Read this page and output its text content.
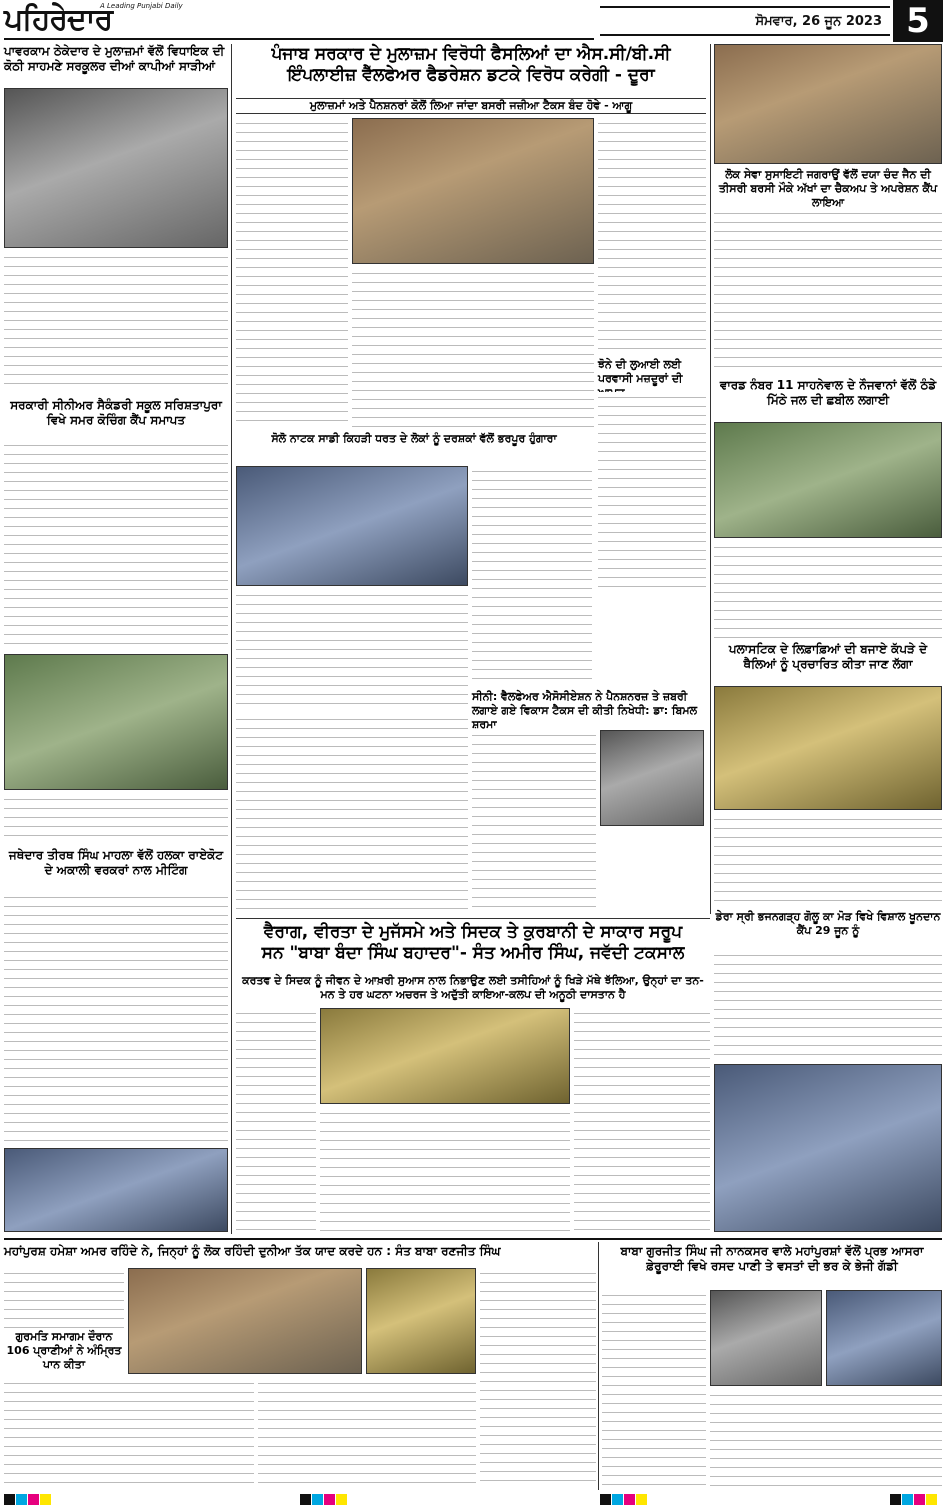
ਪਹਿਰੇਦਾਰ
A Leading Punjabi Daily
ਸੋਮਵਾਰ, 26 ਜੂਨ 2023 5
ਪਾਵਰਕਾਮ ਠੇਕੇਦਾਰ ਦੇ ਮੁਲਾਜ਼ਮਾਂ ਵੱਲੋਂ ਵਿਧਾਇਕ ਦੀ ਕੋਠੀ ਸਾਹਮਣੇ ਸਰਕੂਲਰ ਦੀਆਂ ਕਾਪੀਆਂ ਸਾੜੀਆਂ
ਸਰਕਾਰੀ ਸੀਨੀਅਰ ਸੈਕੰਡਰੀ ਸਕੂਲ ਸਰਿਸ਼ਤਾਪੁਰਾ ਵਿਖੇ ਸਮਰ ਕੋਚਿੰਗ ਕੈਂਪ ਸਮਾਪਤ
ਜਥੇਦਾਰ ਤੀਰਥ ਸਿੰਘ ਮਾਹਲਾ ਵੱਲੋਂ ਹਲਕਾ ਰਾਏਕੋਟ ਦੇ ਅਕਾਲੀ ਵਰਕਰਾਂ ਨਾਲ ਮੀਟਿੰਗ
ਪੰਜਾਬ ਸਰਕਾਰ ਦੇ ਮੁਲਾਜ਼ਮ ਵਿਰੋਧੀ ਫੈਸਲਿਆਂ ਦਾ ਐਸ.ਸੀ/ਬੀ.ਸੀ
ਇੰਪਲਾਈਜ਼ ਵੈੱਲਫੇਅਰ ਫੈਡਰੇਸ਼ਨ ਡਟਕੇ ਵਿਰੋਧ ਕਰੇਗੀ - ਦੂਰਾ
ਮੁਲਾਜ਼ਮਾਂ ਅਤੇ ਪੈਨਸ਼ਨਰਾਂ ਕੋਲੋਂ ਲਿਆ ਜਾਂਦਾ ਬਸਰੀ ਜਜ਼ੀਆ ਟੈਕਸ ਬੰਦ ਹੋਵੇ - ਆਗੂ
ਸੋਲੋ ਨਾਟਕ ਸਾਡੀ ਕਿਹੜੀ ਧਰਤ ਦੇ ਲੋਕਾਂ ਨੂੰ ਦਰਸ਼ਕਾਂ ਵੱਲੋਂ ਭਰਪੂਰ ਹੁੰਗਾਰਾ
ਝੋਨੇ ਦੀ ਲੁਆਈ ਲਈ ਪਰਵਾਸੀ ਮਜ਼ਦੂਰਾਂ ਦੀ
ਸੀਨੀ: ਵੈਲਫੇਅਰ ਐਸੋਸੀਏਸ਼ਨ ਨੇ ਪੈਨਸ਼ਨਰਜ਼ ਤੇ ਜ਼ਬਰੀ ਲਗਾਏ ਗਏ ਵਿਕਾਸ ਟੈਕਸ ਦੀ ਕੀਤੀ ਨਿਖੇਧੀ: ਡਾ: ਬਿਮਲ ਸ਼ਰਮਾ
ਵੈਰਾਗ, ਵੀਰਤਾ ਦੇ ਮੁਜੱਸਮੇ ਅਤੇ ਸਿਦਕ ਤੇ ਕੁਰਬਾਨੀ ਦੇ ਸਾਕਾਰ ਸਰੂਪ
ਸਨ "ਬਾਬਾ ਬੰਦਾ ਸਿੰਘ ਬਹਾਦਰ"- ਸੰਤ ਅਮੀਰ ਸਿੰਘ, ਜਵੱਦੀ ਟਕਸਾਲ
ਕਰਤਵ ਦੇ ਸਿਦਕ ਨੂੰ ਜੀਵਨ ਦੇ ਆਖ਼ਰੀ ਸੁਆਸ ਨਾਲ ਨਿਭਾਉਣ ਲਈ ਤਸੀਹਿਆਂ ਨੂੰ ਖਿੜੇ ਮੱਥੇ ਝੱਲਿਆ, ਉਨ੍ਹਾਂ ਦਾ ਤਨ-ਮਨ ਤੇ ਹਰ ਘਟਨਾ ਅਚਰਜ ਤੇ ਅਦੁੱਤੀ ਕਾਇਆ-ਕਲਪ ਦੀ ਅਨੂਠੀ ਦਾਸਤਾਨ ਹੈ
ਲੋਕ ਸੇਵਾ ਸੁਸਾਇਟੀ ਜਗਰਾਉਂ ਵੱਲੋਂ ਦਯਾ ਚੰਦ ਜੈਨ ਦੀ ਤੀਸਰੀ ਬਰਸੀ ਮੌਕੇ ਅੱਖਾਂ ਦਾ ਚੈਕਅਪ ਤੇ ਅਪਰੇਸ਼ਨ ਕੈਂਪ ਲਾਇਆ
ਵਾਰਡ ਨੰਬਰ 11 ਸਾਹਨੇਵਾਲ ਦੇ ਨੌਜਵਾਨਾਂ ਵੱਲੋਂ ਠੰਡੇ ਮਿੱਠੇ ਜਲ ਦੀ ਛਬੀਲ ਲਗਾਈ
ਪਲਾਸਟਿਕ ਦੇ ਲਿਫ਼ਾਫ਼ਿਆਂ ਦੀ ਬਜਾਏ ਕੱਪੜੇ ਦੇ ਥੈਲਿਆਂ ਨੂੰ ਪ੍ਰਚਾਰਿਤ ਕੀਤਾ ਜਾਣ ਲੱਗਾ
ਡੇਰਾ ਸ੍ਰੀ ਭਜਨਗੜ੍ਹ ਗੋਲੂ ਕਾ ਮੋੜ ਵਿਖੇ ਵਿਸ਼ਾਲ ਖੂਨਦਾਨ ਕੈਂਪ 29 ਜੂਨ ਨੂੰ
ਮਹਾਂਪੁਰਸ਼ ਹਮੇਸ਼ਾ ਅਮਰ ਰਹਿੰਦੇ ਨੇ, ਜਿਨ੍ਹਾਂ ਨੂੰ ਲੋਕ ਰਹਿੰਦੀ ਦੁਨੀਆ ਤੱਕ ਯਾਦ ਕਰਦੇ ਹਨ : ਸੰਤ ਬਾਬਾ ਰਣਜੀਤ ਸਿੰਘ
ਗੁਰਮਤਿ ਸਮਾਗਮ ਦੌਰਾਨ 106 ਪ੍ਰਾਣੀਆਂ ਨੇ ਅੰਮ੍ਰਿਤ ਪਾਨ ਕੀਤਾ
ਬਾਬਾ ਗੁਰਜੀਤ ਸਿੰਘ ਜੀ ਨਾਨਕਸਰ ਵਾਲੇ ਮਹਾਂਪੁਰਸ਼ਾਂ ਵੱਲੋਂ ਪ੍ਰਭ ਆਸਰਾ
ਫ਼ੇਰੂਰਾਈ ਵਿਖੇ ਰਸਦ ਪਾਣੀ ਤੇ ਵਸਤਾਂ ਦੀ ਭਰ ਕੇ ਭੇਜੀ ਗੱਡੀ
